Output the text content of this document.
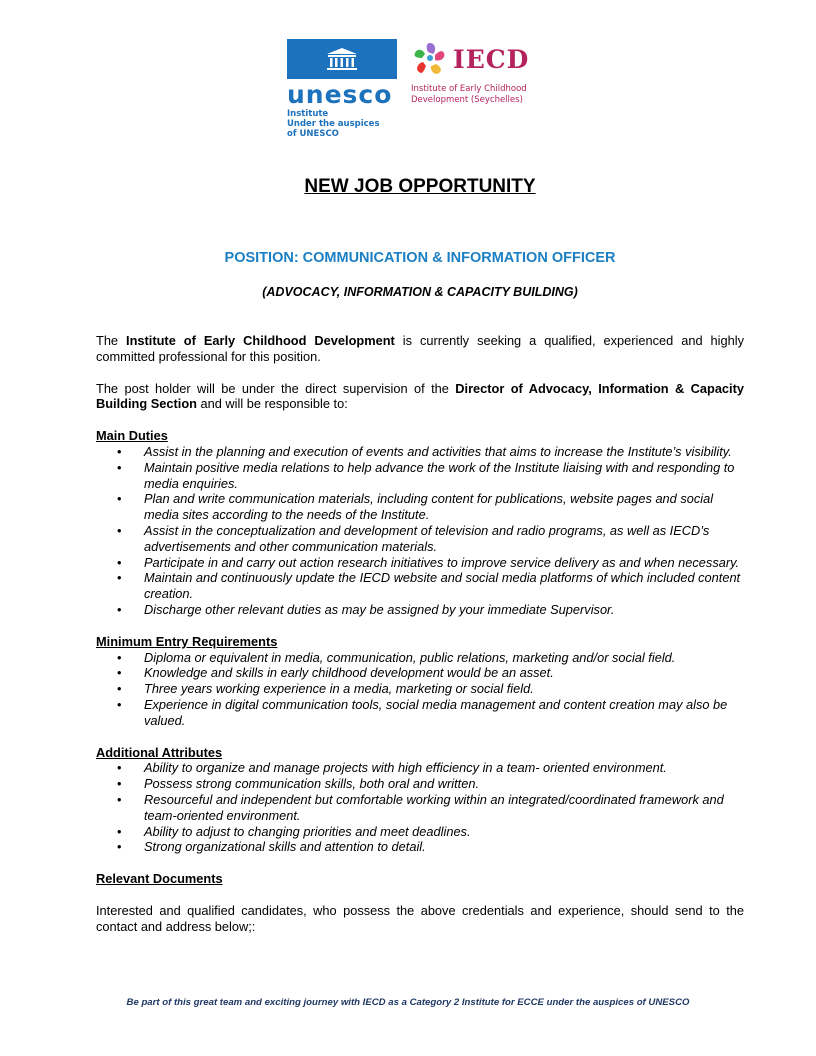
unesco
Institute
Under the auspices
of UNESCO
IECD
Institute of Early Childhood
Development (Seychelles)
NEW JOB OPPORTUNITY
POSITION: COMMUNICATION & INFORMATION OFFICER
(ADVOCACY, INFORMATION & CAPACITY BUILDING)

The Institute of Early Childhood Development is currently seeking a qualified, experienced and highly committed professional for this position.

The post holder will be under the direct supervision of the Director of Advocacy, Information & Capacity Building Section and will be responsible to:

Main Duties

• Assist in the planning and execution of events and activities that aims to increase the Institute’s visibility.
• Maintain positive media relations to help advance the work of the Institute liaising with and responding to media enquiries.
• Plan and write communication materials, including content for publications, website pages and social media sites according to the needs of the Institute.
• Assist in the conceptualization and development of television and radio programs, as well as IECD’s advertisements and other communication materials.
• Participate in and carry out action research initiatives to improve service delivery as and when necessary.
• Maintain and continuously update the IECD website and social media platforms of which included content creation.
• Discharge other relevant duties as may be assigned by your immediate Supervisor.

Minimum Entry Requirements

• Diploma or equivalent in media, communication, public relations, marketing and/or social field.
• Knowledge and skills in early childhood development would be an asset.
• Three years working experience in a media, marketing or social field.
• Experience in digital communication tools, social media management and content creation may also be valued.

Additional Attributes

• Ability to organize and manage projects with high efficiency in a team- oriented environment.
• Possess strong communication skills, both oral and written.
• Resourceful and independent but comfortable working within an integrated/coordinated framework and team-oriented environment.
• Ability to adjust to changing priorities and meet deadlines.
• Strong organizational skills and attention to detail.

Relevant Documents

Interested and qualified candidates, who possess the above credentials and experience, should send to the contact and address below;:

Be part of this great team and exciting journey with IECD as a Category 2 Institute for ECCE under the auspices of UNESCO
